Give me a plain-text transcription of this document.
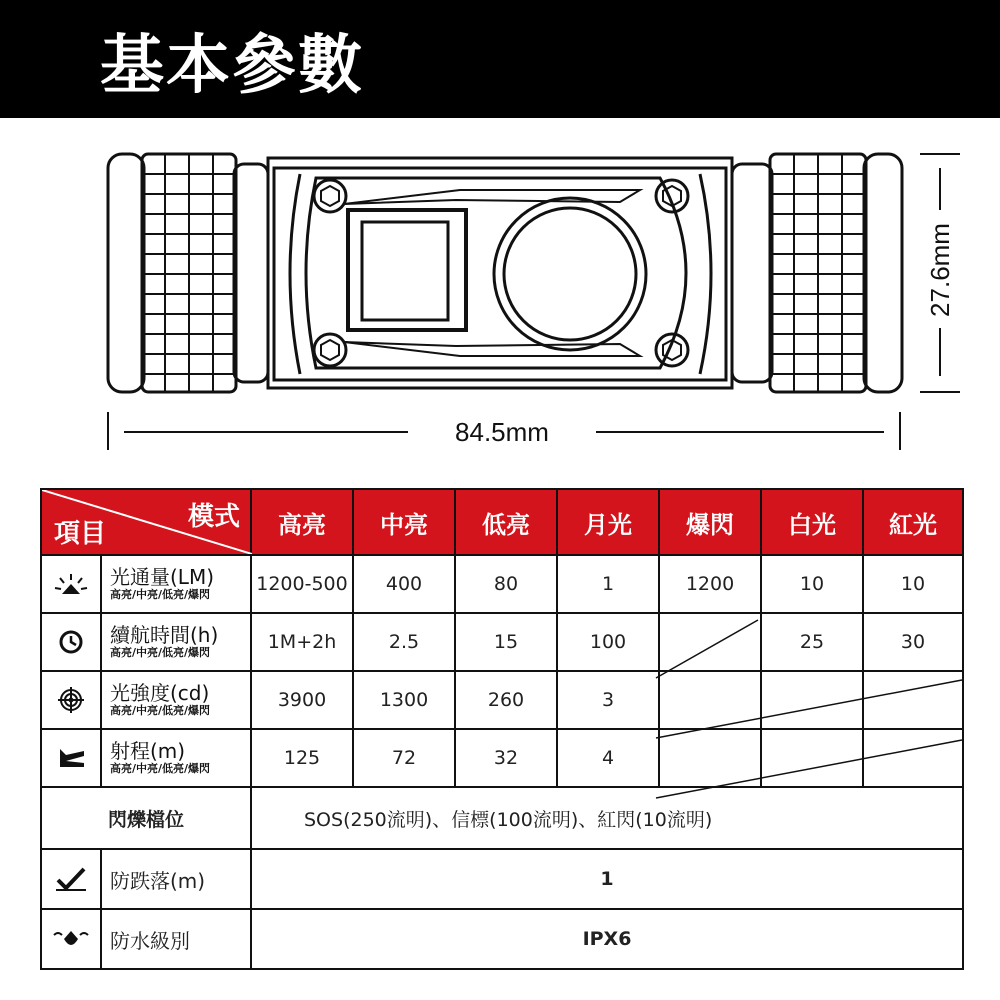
基本參數
84.5mm
27.6mm
模式
項目	高亮	中亮	低亮	月光	爆閃	白光	紅光

光通量(LM)
高亮/中亮/低亮/爆閃	1200-500	400	80	1	1200	10	10

續航時間(h)
高亮/中亮/低亮/爆閃	1M+2h	2.5	15	100		25	30

光強度(cd)
高亮/中亮/低亮/爆閃	3900	1300	260	3			

射程(m)
高亮/中亮/低亮/爆閃	125	72	32	4			
閃爍檔位	SOS(250流明)、信標(100流明)、紅閃(10流明)						

防跌落(m)	1						

防水級別	IPX6						
